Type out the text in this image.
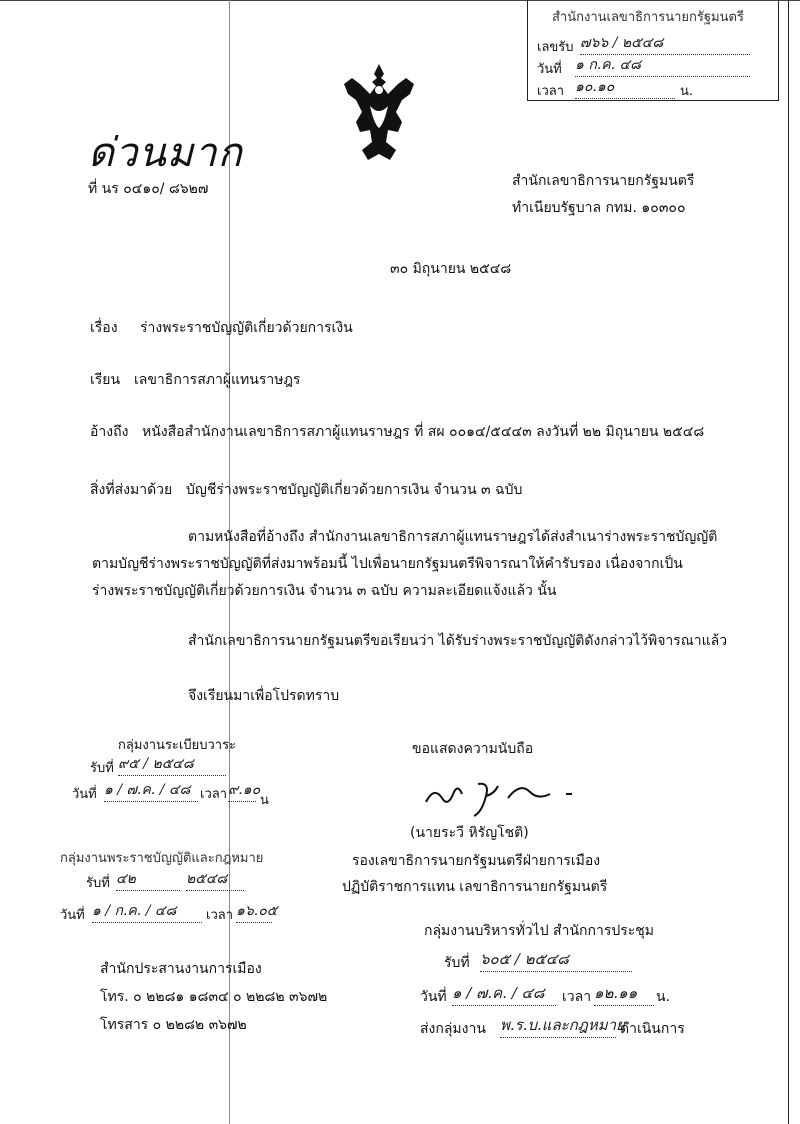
สำนักงานเลขาธิการนายกรัฐมนตรี
เลขรับ ๗๖๖ / ๒๕๔๘
วันที่ ๑ ก.ค. ๔๘
เวลา ๑๐.๑๐	น.
ด่วนมาก
ที่ นร ๐๔๑๐/ ๘๖๒๗	สำนักเลขาธิการนายกรัฐมนตรี
ทำเนียบรัฐบาล กทม. ๑๐๓๐๐
๓๐ มิถุนายน ๒๕๔๘
เรื่อง ร่างพระราชบัญญัติเกี่ยวด้วยการเงิน
เรียน เลขาธิการสภาผู้แทนราษฎร
อ้างถึง หนังสือสำนักงานเลขาธิการสภาผู้แทนราษฎร ที่ สผ ๐๐๑๔/๕๔๔๓ ลงวันที่ ๒๒ มิถุนายน ๒๕๔๘
สิ่งที่ส่งมาด้วย บัญชีร่างพระราชบัญญัติเกี่ยวด้วยการเงิน จำนวน ๓ ฉบับ
ตามหนังสือที่อ้างถึง สำนักงานเลขาธิการสภาผู้แทนราษฎรได้ส่งสำเนาร่างพระราชบัญญัติ
ตามบัญชีร่างพระราชบัญญัติที่ส่งมาพร้อมนี้ ไปเพื่อนายกรัฐมนตรีพิจารณาให้คำรับรอง เนื่องจากเป็น
ร่างพระราชบัญญัติเกี่ยวด้วยการเงิน จำนวน ๓ ฉบับ ความละเอียดแจ้งแล้ว นั้น
สำนักเลขาธิการนายกรัฐมนตรีขอเรียนว่า ได้รับร่างพระราชบัญญัติดังกล่าวไว้พิจารณาแล้ว
จึงเรียนมาเพื่อโปรดทราบ
กลุ่มงานระเบียบวาระ
รับที่ ๙๕ / ๒๕๔๘
วันที่ ๑ / ๗.ค. / ๔๘ เวลา ๙.๑๐
น
กลุ่มงานพระราชบัญญัติและกฎหมาย
รับที่ ๔๒	๒๕๔๘
วันที่ ๑ / ก.ค. / ๔๘	เวลา ๑๖.๐๕
ขอแสดงความนับถือ
(นายระวี หิรัญโชติ)
รองเลขาธิการนายกรัฐมนตรีฝ่ายการเมือง
ปฏิบัติราชการแทน เลขาธิการนายกรัฐมนตรี
กลุ่มงานบริหารทั่วไป สำนักการประชุม
รับที่ ๖๐๕ / ๒๕๔๘
วันที่ ๑ / ๗.ค. / ๔๘	เวลา ๑๒.๑๑	น.
ส่งกลุ่มงาน พ.ร.บ.และกฎหมาย
ดำเนินการ
สำนักประสานงานการเมือง
โทร. ๐ ๒๒๘๑ ๑๘๓๔ ๐ ๒๒๘๒ ๓๖๗๒
โทรสาร ๐ ๒๒๘๒ ๓๖๗๒
